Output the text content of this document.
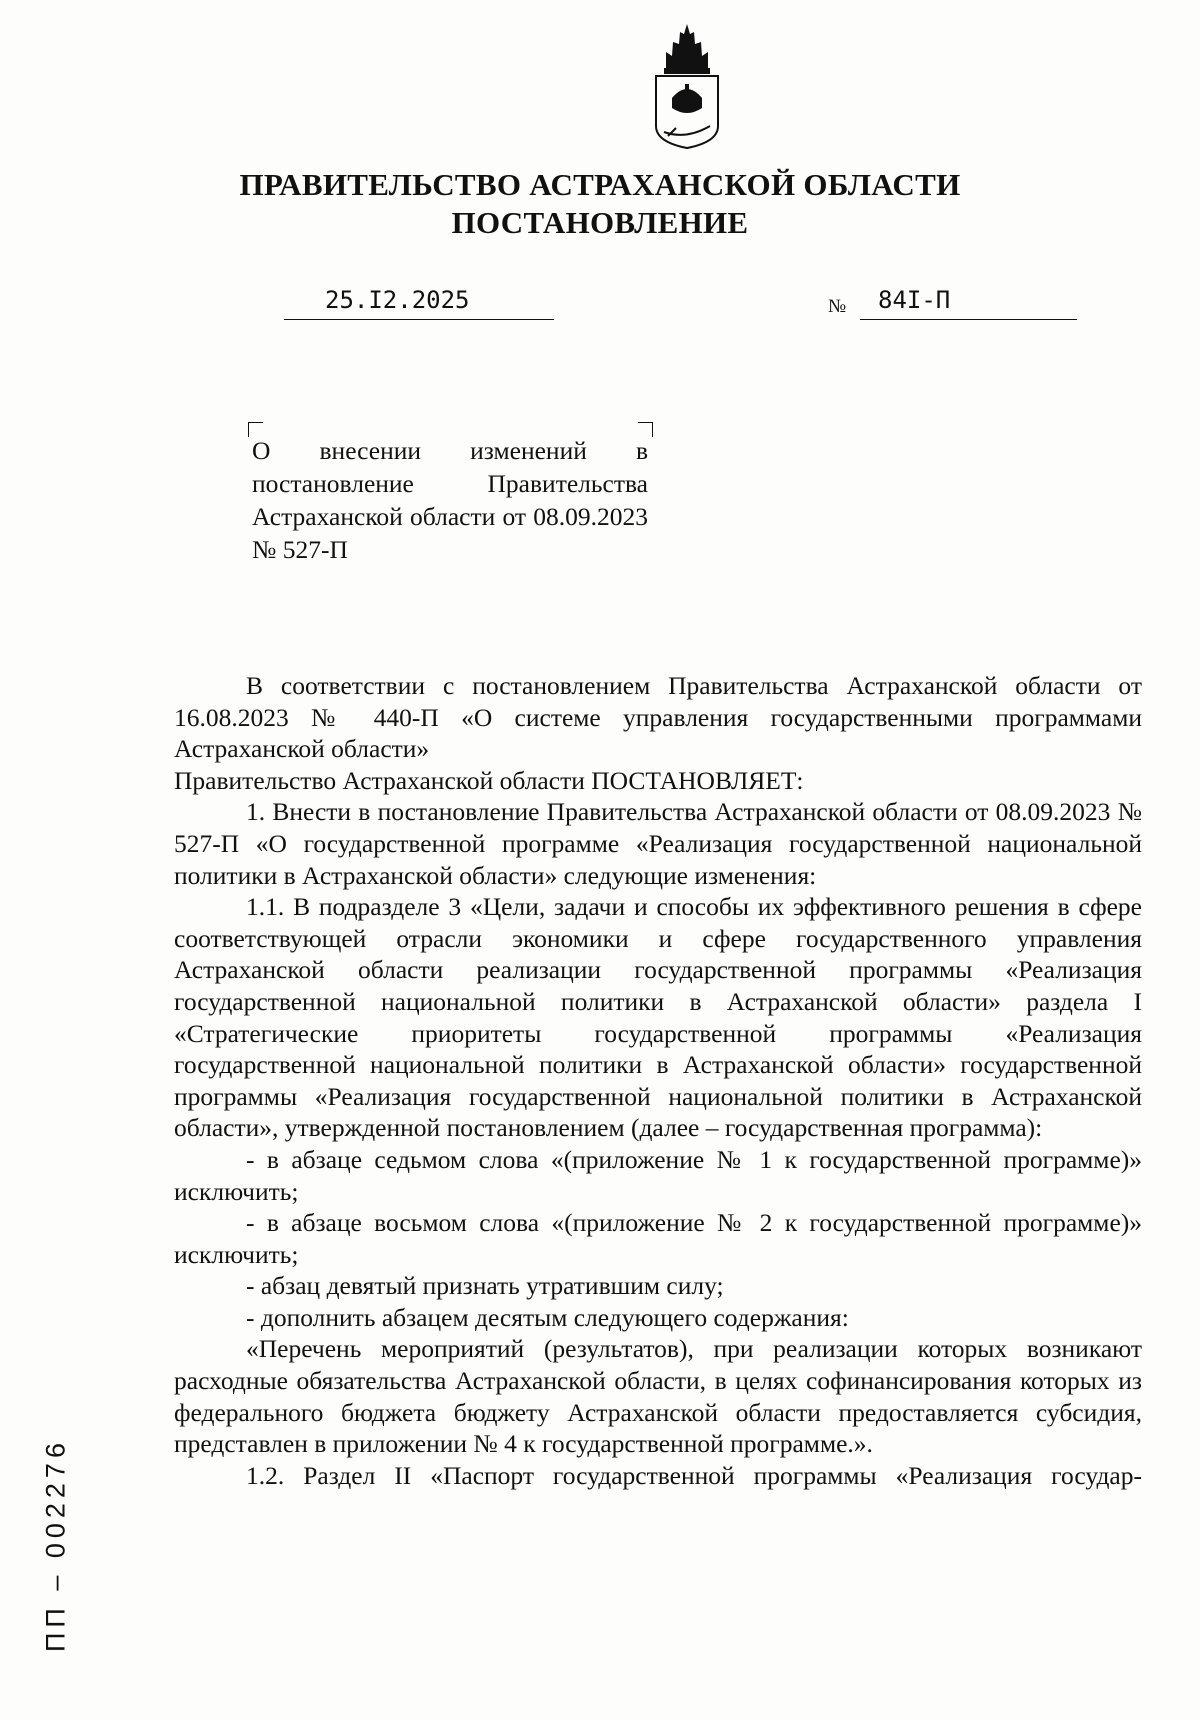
ПРАВИТЕЛЬСТВО АСТРАХАНСКОЙ ОБЛАСТИ
ПОСТАНОВЛЕНИЕ
25.I2.2025	№ 84I-П
О внесении изменений в постановление Правительства Астраханской области от 08.09.2023 № 527-П

В соответствии с постановлением Правительства Астраханской области от 16.08.2023 № 440-П «О системе управления государственными программами Астраханской области»

Правительство Астраханской области ПОСТАНОВЛЯЕТ:

1. Внести в постановление Правительства Астраханской области от 08.09.2023 № 527-П «О государственной программе «Реализация государственной национальной политики в Астраханской области» следующие изменения:

1.1. В подразделе 3 «Цели, задачи и способы их эффективного решения в сфере соответствующей отрасли экономики и сфере государственного управления Астраханской области реализации государственной программы «Реализация государственной национальной политики в Астраханской области» раздела I «Стратегические приоритеты государственной программы «Реализация государственной национальной политики в Астраханской области» государственной программы «Реализация государственной национальной политики в Астраханской области», утвержденной постановлением (далее – государственная программа):

- в абзаце седьмом слова «(приложение № 1 к государственной программе)» исключить;

- в абзаце восьмом слова «(приложение № 2 к государственной программе)» исключить;

- абзац девятый признать утратившим силу;

- дополнить абзацем десятым следующего содержания:

«Перечень мероприятий (результатов), при реализации которых возникают расходные обязательства Астраханской области, в целях софинансирования которых из федерального бюджета бюджету Астраханской области предоставляется субсидия, представлен в приложении № 4 к государственной программе.».

1.2. Раздел II «Паспорт государственной программы «Реализация государ-

ПП – 002276
